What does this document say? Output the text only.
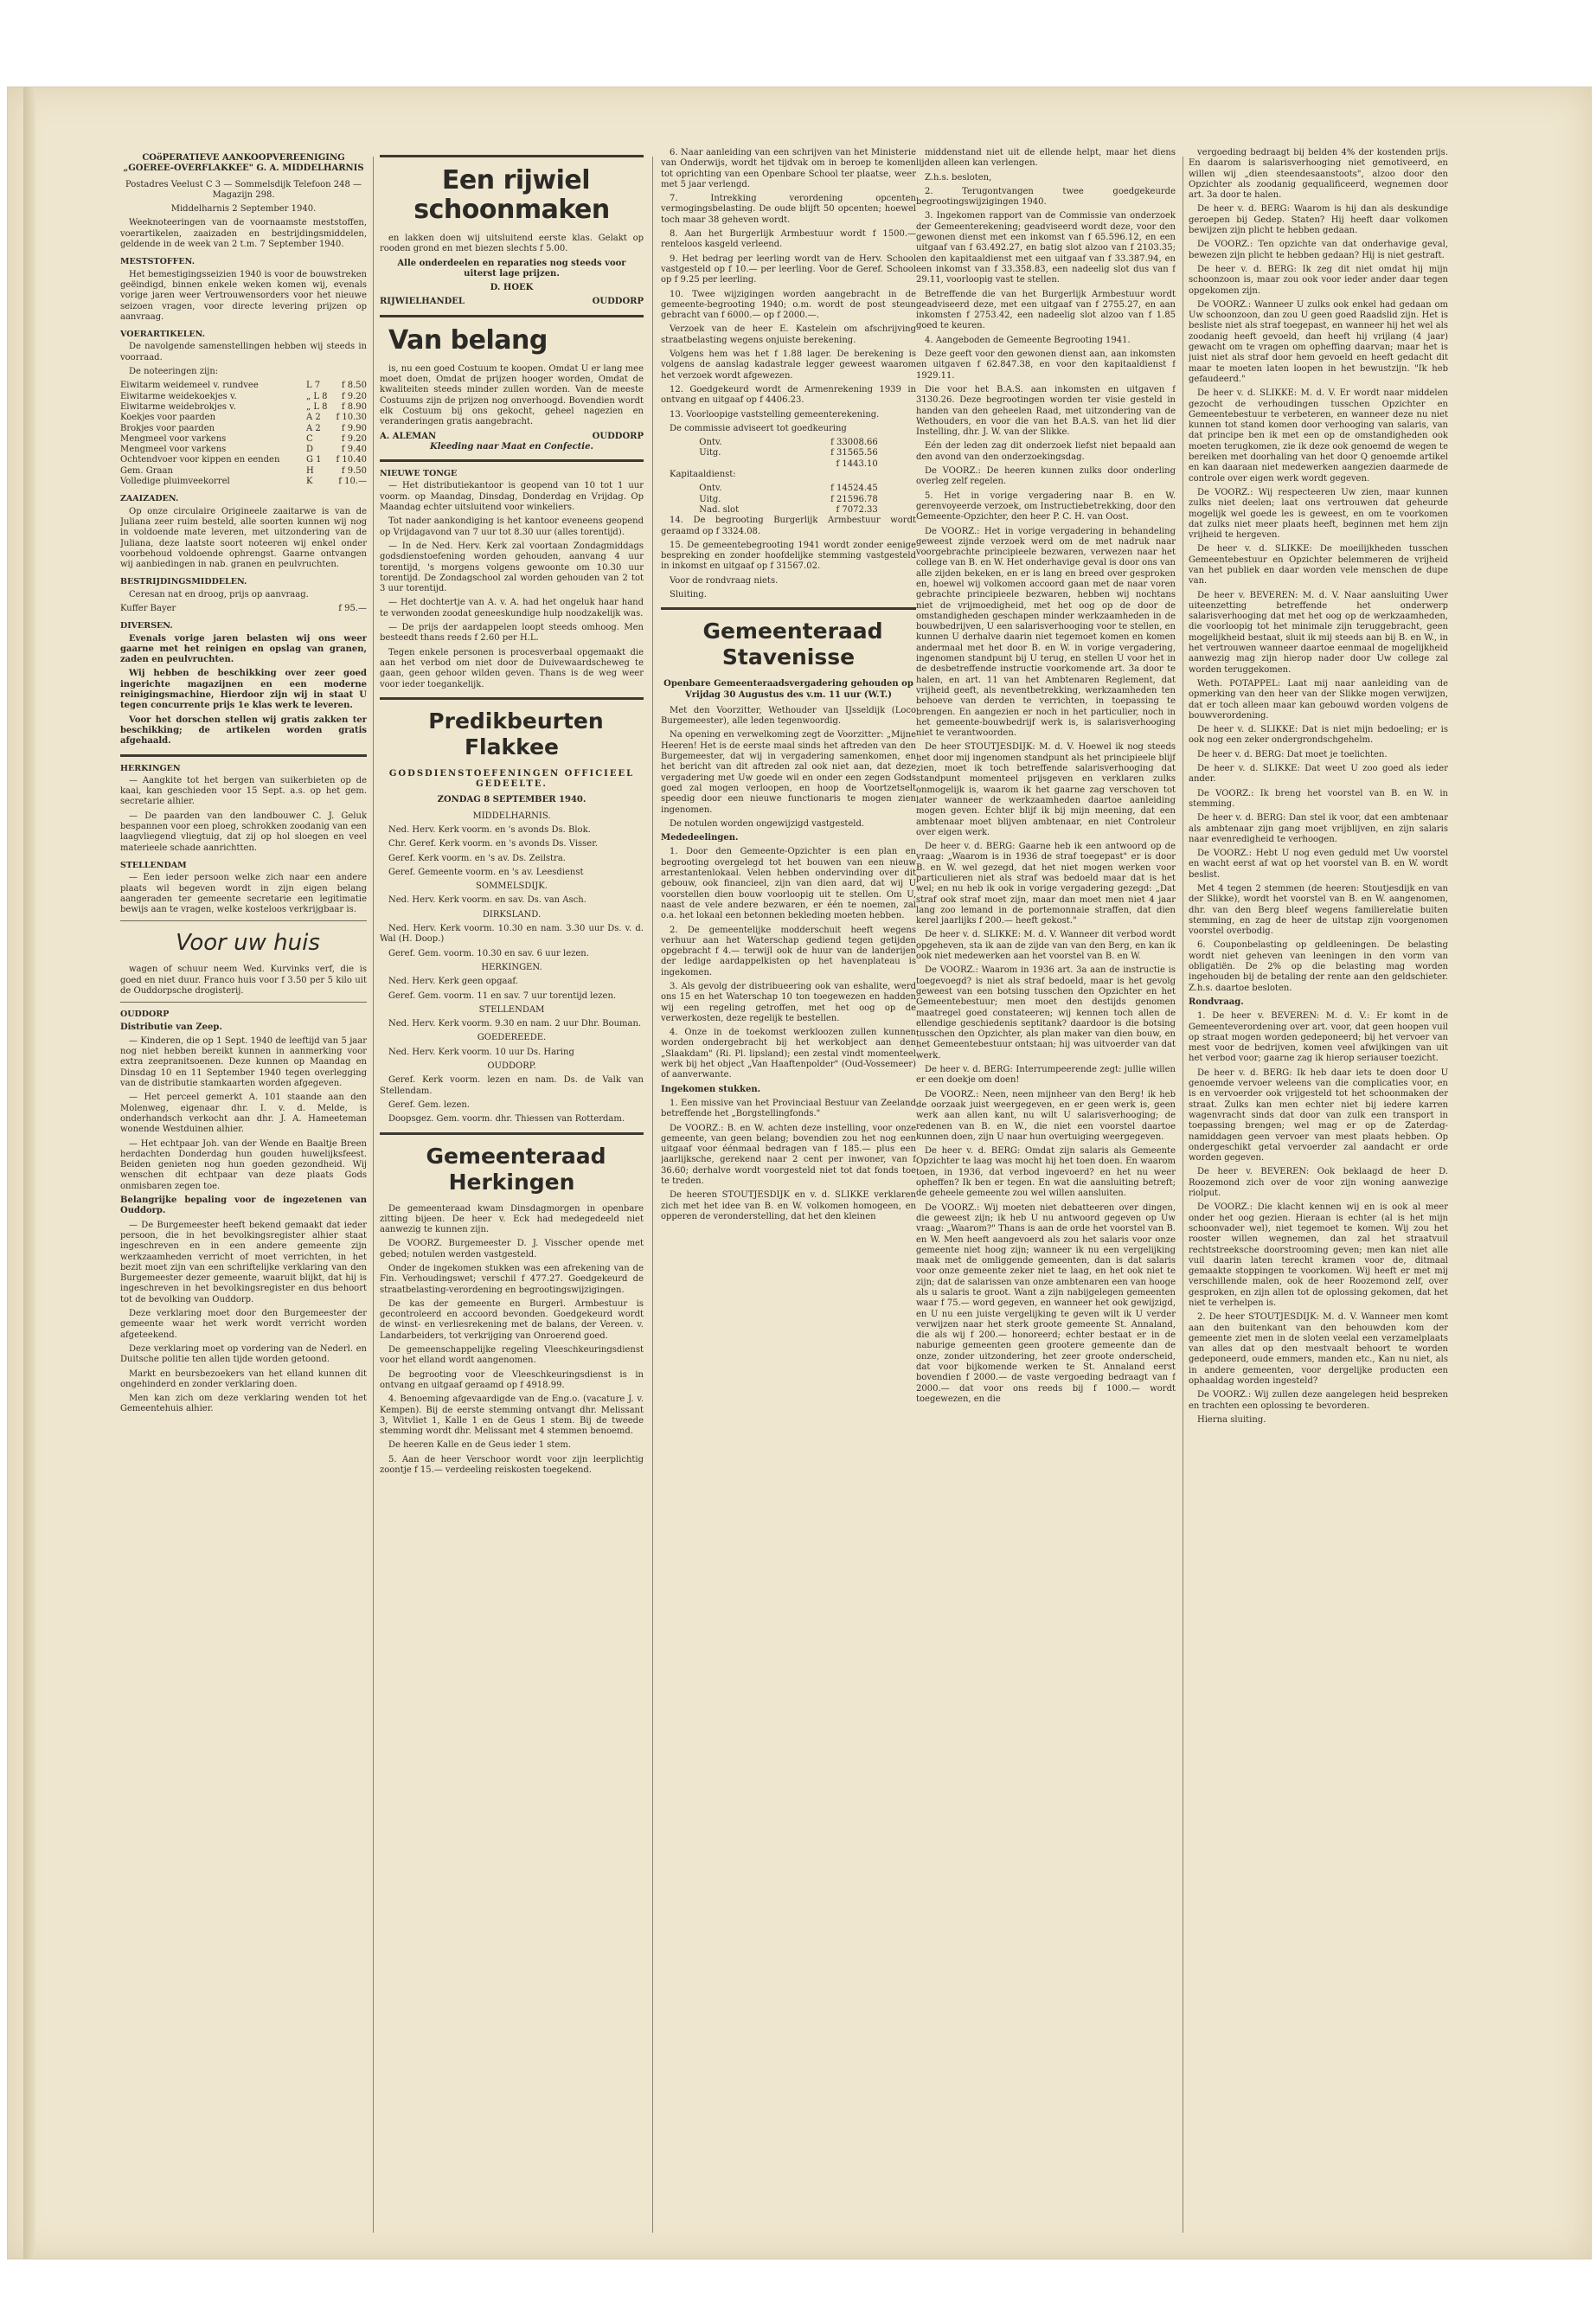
COöPERATIEVE AANKOOPVEREENIGING „GOEREE-OVERFLAKKEE" G. A. MIDDELHARNIS

Postadres Veelust C 3 — Sommelsdijk Telefoon 248 — Magazijn 298.

Middelharnis 2 September 1940.

Weeknoteeringen van de voornaamste meststoffen, voerartikelen, zaaizaden en bestrijdingsmiddelen, geldende in de week van 2 t.m. 7 September 1940.

MESTSTOFFEN.

Het bemestigingsseizien 1940 is voor de bouwstreken geëindigd, binnen enkele weken komen wij, evenals vorige jaren weer Vertrouwensorders voor het nieuwe seizoen vragen, voor directe levering prijzen op aanvraag.

VOERARTIKELEN.

De navolgende samenstellingen hebben wij steeds in voorraad.

De noteeringen zijn:

Eiwitarm weidemeel v. rundvee	L 7	f 8.50
Eiwitarme weidekoekjes v.	„ L 8	f 9.20
Eiwitarme weidebrokjes v.	„ L 8	f 8.90
Koekjes voor paarden	A 2	f 10.30
Brokjes voor paarden	A 2	f 9.90
Mengmeel voor varkens	C	f 9.20
Mengmeel voor varkens	D	f 9.40
Ochtendvoer voor kippen en eenden	G 1	f 10.40
Gem. Graan	H	f 9.50
Volledige pluimveekorrel	K	f 10.—

ZAAIZADEN.

Op onze circulaire Origineele zaaitarwe is van de Juliana zeer ruim besteld, alle soorten kunnen wij nog in voldoende mate leveren, met uitzondering van de Juliana, deze laatste soort noteeren wij enkel onder voorbehoud voldoende ophrengst. Gaarne ontvangen wij aanbiedingen in nab. granen en peulvruchten.

BESTRIJDINGSMIDDELEN.

Ceresan nat en droog, prijs op aanvraag.

Kuffer Bayer	f 95.—

DIVERSEN.

Evenals vorige jaren belasten wij ons weer gaarne met het reinigen en opslag van granen, zaden en peulvruchten.

Wij hebben de beschikking over zeer goed ingerichte magazijnen en een moderne reinigingsmachine, Hierdoor zijn wij in staat U tegen concurrente prijs 1e klas werk te leveren.

Voor het dorschen stellen wij gratis zakken ter beschikking; de artikelen worden gratis afgehaald.

HERKINGEN

— Aangkite tot het bergen van suikerbieten op de kaai, kan geschieden voor 15 Sept. a.s. op het gem. secretarie alhier.

— De paarden van den landbouwer C. J. Geluk bespannen voor een ploeg, schrokken zoodanig van een laagvliegend vliegtuig, dat zij op hol sloegen en veel materieele schade aanrichtten.

STELLENDAM

— Een ieder persoon welke zich naar een andere plaats wil begeven wordt in zijn eigen belang aangeraden ter gemeente secretarie een legitimatie bewijs aan te vragen, welke kosteloos verkrijgbaar is.

Voor uw huis

wagen of schuur neem Wed. Kurvinks verf, die is goed en niet duur. Franco huis voor f 3.50 per 5 kilo uit de Ouddorpsche drogisterij.

OUDDORP

Distributie van Zeep.

— Kinderen, die op 1 Sept. 1940 de leeftijd van 5 jaar nog niet hebben bereikt kunnen in aanmerking voor extra zeepranitsoenen. Deze kunnen op Maandag en Dinsdag 10 en 11 September 1940 tegen overlegging van de distributie stamkaarten worden afgegeven.

— Het perceel gemerkt A. 101 staande aan den Molenweg, eigenaar dhr. I. v. d. Melde, is onderhandsch verkocht aan dhr. J. A. Hameeteman wonende Westduinen alhier.

— Het echtpaar Joh. van der Wende en Baaltje Breen herdachten Donderdag hun gouden huwelijksfeest. Beiden genieten nog hun goeden gezondheid. Wij wenschen dit echtpaar van deze plaats Gods onmisbaren zegen toe.

Belangrijke bepaling voor de ingezetenen van Ouddorp.

— De Burgemeester heeft bekend gemaakt dat ieder persoon, die in het bevolkingsregister alhier staat ingeschreven en in een andere gemeente zijn werkzaamheden verricht of moet verrichten, in het bezit moet zijn van een schriftelijke verklaring van den Burgemeester dezer gemeente, waaruit blijkt, dat hij is ingeschreven in het bevolkingsregister en dus behoort tot de bevolking van Ouddorp.

Deze verklaring moet door den Burgemeester der gemeente waar het werk wordt verricht worden afgeteekend.

Deze verklaring moet op vordering van de Nederl. en Duitsche politie ten allen tijde worden getoond.

Markt en beursbezoekers van het elland kunnen dit ongehinderd en zonder verklaring doen.

Men kan zich om deze verklaring wenden tot het Gemeentehuis alhier.

Een rijwiel schoonmaken

en lakken doen wij uitsluitend eerste klas. Gelakt op rooden grond en met biezen slechts f 5.00.

Alle onderdeelen en reparaties nog steeds voor uiterst lage prijzen.

D. HOEK

RIJWIELHANDEL	OUDDORP

Van belang

is, nu een goed Costuum te koopen. Omdat U er lang mee moet doen, Omdat de prijzen hooger worden, Omdat de kwaliteiten steeds minder zullen worden. Van de meeste Costuums zijn de prijzen nog onverhoogd. Bovendien wordt elk Costuum bij ons gekocht, geheel nagezien en veranderingen gratis aangebracht.

A. ALEMAN	OUDDORP

Kleeding naar Maat en Confectie.

NIEUWE TONGE

— Het distributiekantoor is geopend van 10 tot 1 uur voorm. op Maandag, Dinsdag, Donderdag en Vrijdag. Op Maandag echter uitsluitend voor winkeliers.

Tot nader aankondiging is het kantoor eveneens geopend op Vrijdagavond van 7 uur tot 8.30 uur (alles torentijd).

— In de Ned. Herv. Kerk zal voortaan Zondagmiddags godsdienstoefening worden gehouden, aanvang 4 uur torentijd, 's morgens volgens gewoonte om 10.30 uur torentijd. De Zondagschool zal worden gehouden van 2 tot 3 uur torentijd.

— Het dochtertje van A. v. A. had het ongeluk haar hand te verwonden zoodat geneeskundige hulp noodzakelijk was.

— De prijs der aardappelen loopt steeds omhoog. Men besteedt thans reeds f 2.60 per H.L.

Tegen enkele personen is procesverbaal opgemaakt die aan het verbod om niet door de Duivewaardscheweg te gaan, geen gehoor wilden geven. Thans is de weg weer voor ieder toegankelijk.

Predikbeurten Flakkee

GODSDIENSTOEFENINGEN OFFICIEEL GEDEELTE.

ZONDAG 8 SEPTEMBER 1940.

MIDDELHARNIS.

Ned. Herv. Kerk voorm. en 's avonds Ds. Blok.

Chr. Geref. Kerk voorm. en 's avonds Ds. Visser.

Geref. Kerk voorm. en 's av. Ds. Zeilstra.

Geref. Gemeente voorm. en 's av. Leesdienst

SOMMELSDIJK.

Ned. Herv. Kerk voorm. en sav. Ds. van Asch.

DIRKSLAND.

Ned. Herv. Kerk voorm. 10.30 en nam. 3.30 uur Ds. v. d. Wal (H. Doop.)

Geref. Gem. voorm. 10.30 en sav. 6 uur lezen.

HERKINGEN.

Ned. Herv. Kerk geen opgaaf.

Geref. Gem. voorm. 11 en sav. 7 uur torentijd lezen.

STELLENDAM

Ned. Herv. Kerk voorm. 9.30 en nam. 2 uur Dhr. Bouman.

GOEDEREEDE.

Ned. Herv. Kerk voorm. 10 uur Ds. Haring

OUDDORP.

Geref. Kerk voorm. lezen en nam. Ds. de Valk van Stellendam.

Geref. Gem. lezen.

Doopsgez. Gem. voorm. dhr. Thiessen van Rotterdam.

Gemeenteraad Herkingen

De gemeenteraad kwam Dinsdagmorgen in openbare zitting bijeen. De heer v. Eck had medegedeeld niet aanwezig te kunnen zijn.

De VOORZ. Burgemeester D. J. Visscher opende met gebed; notulen werden vastgesteld.

Onder de ingekomen stukken was een afrekening van de Fin. Verhoudingswet; verschil f 477.27. Goedgekeurd de straatbelasting-verordening en begrootingswijzigingen.

De kas der gemeente en Burgerl. Armbestuur is gecontroleerd en accoord bevonden. Goedgekeurd wordt de winst- en verliesrekening met de balans, der Vereen. v. Landarbeiders, tot verkrijging van Onroerend goed.

De gemeenschappelijke regeling Vleeschkeuringsdienst voor het elland wordt aangenomen.

De begrooting voor de Vleeschkeuringsdienst is in ontvang en uitgaaf geraamd op f 4918.99.

4. Benoeming afgevaardigde van de Eng.o. (vacature J. v. Kempen). Bij de eerste stemming ontvangt dhr. Melissant 3, Witvliet 1, Kalle 1 en de Geus 1 stem. Bij de tweede stemming wordt dhr. Melissant met 4 stemmen benoemd.

De heeren Kalle en de Geus ieder 1 stem.

5. Aan de heer Verschoor wordt voor zijn leerplichtig zoontje f 15.— verdeeling reiskosten toegekend.

6. Naar aanleiding van een schrijven van het Ministerie van Onderwijs, wordt het tijdvak om in beroep te komen tot oprichting van een Openbare School ter plaatse, weer met 5 jaar verlengd.

7. Intrekking verordening opcenten vermogingsbelasting. De oude blijft 50 opcenten; hoewel toch maar 38 geheven wordt.

8. Aan het Burgerlijk Armbestuur wordt f 1500.— renteloos kasgeld verleend.

9. Het bedrag per leerling wordt van de Herv. School vastgesteld op f 10.— per leerling. Voor de Geref. School op f 9.25 per leerling.

10. Twee wijzigingen worden aangebracht in de gemeente-begrooting 1940; o.m. wordt de post steun gebracht van f 6000.— op f 2000.—.

Verzoek van de heer E. Kastelein om afschrijving straatbelasting wegens onjuiste berekening.

Volgens hem was het f 1.88 lager. De berekening is volgens de aanslag kadastrale legger geweest waarom het verzoek wordt afgewezen.

12. Goedgekeurd wordt de Armenrekening 1939 in ontvang en uitgaaf op f 4406.23.

13. Voorloopige vaststelling gemeenterekening.

De commissie adviseert tot goedkeuring

Ontv.	f 33008.66
Uitg.	f 31565.56
	f 1443.10

Kapitaaldienst:

Ontv.	f 14524.45
Uitg.	f 21596.78
Nad. slot	f 7072.33

14. De begrooting Burgerlijk Armbestuur wordt geraamd op f 3324.08.

15. De gemeentebegrooting 1941 wordt zonder eenige bespreking en zonder hoofdelijke stemming vastgesteld in inkomst en uitgaaf op f 31567.02.

Voor de rondvraag niets.

Sluiting.

Gemeenteraad Stavenisse

Openbare Gemeenteraadsvergadering gehouden op Vrijdag 30 Augustus des v.m. 11 uur (W.T.)

Met den Voorzitter, Wethouder van IJsseldijk (Loco Burgemeester), alle leden tegenwoordig.

Na opening en verwelkoming zegt de Voorzitter: „Mijne Heeren! Het is de eerste maal sinds het aftreden van den Burgemeester, dat wij in vergadering samenkomen, en het bericht van dit aftreden zal ook niet aan, dat deze vergadering met Uw goede wil en onder een zegen Gods goed zal mogen verloopen, en hoop de Voortzetselt speedig door een nieuwe functionaris te mogen zien ingenomen.

De notulen worden ongewijzigd vastgesteld.

Mededeelingen.

1. Door den Gemeente-Opzichter is een plan en begrooting overgelegd tot het bouwen van een nieuw arrestantenlokaal. Velen hebben ondervinding over dit gebouw, ook financieel, zijn van dien aard, dat wij U voorstellen dien bouw voorloopig uit te stellen. Om U, naast de vele andere bezwaren, er één te noemen, zal o.a. het lokaal een betonnen bekleding moeten hebben.

2. De gemeentelijke modderschuit heeft wegens verhuur aan het Waterschap gediend tegen getijden opgebracht f 4.— terwijl ook de huur van de landerijen der ledige aardappelkisten op het havenplateau is ingekomen.

3. Als gevolg der distribueering ook van eshalite, werd ons 15 en het Waterschap 10 ton toegewezen en hadden wij een regeling getroffen, met het oog op de verwerkosten, deze regelijk te bestellen.

4. Onze in de toekomst werkloozen zullen kunnen worden ondergebracht bij het werkobject aan den „Slaakdam" (Ri. Pl. lipsland); een zestal vindt momenteel werk bij het object „Van Haaftenpolder" (Oud-Vossemeer) of aanverwante.

Ingekomen stukken.

1. Een missive van het Provinciaal Bestuur van Zeeland betreffende het „Borgstellingfonds."

De VOORZ.: B. en W. achten deze instelling, voor onze gemeente, van geen belang; bovendien zou het nog een uitgaaf voor éénmaal bedragen van f 185.— plus een jaarlijksche, gerekend naar 2 cent per inwoner, van f 36.60; derhalve wordt voorgesteld niet tot dat fonds toe te treden.

De heeren STOUTJESDIJK en v. d. SLIKKE verklaren zich met het idee van B. en W. volkomen homogeen, en opperen de veronderstelling, dat het den kleinen

middenstand niet uit de ellende helpt, maar het diens lijden alleen kan verlengen.

Z.h.s. besloten,

2. Terugontvangen twee goedgekeurde begrootingswijzigingen 1940.

3. Ingekomen rapport van de Commissie van onderzoek der Gemeenterekening; geadviseerd wordt deze, voor den gewonen dienst met een inkomst van f 65.596.12, en een uitgaaf van f 63.492.27, en batig slot alzoo van f 2103.35; en den kapitaaldienst met een uitgaaf van f 33.387.94, en een inkomst van f 33.358.83, een nadeelig slot dus van f 29.11, voorloopig vast te stellen.

Betreffende die van het Burgerlijk Armbestuur wordt geadviseerd deze, met een uitgaaf van f 2755.27, en aan inkomsten f 2753.42, een nadeelig slot alzoo van f 1.85 goed te keuren.

4. Aangeboden de Gemeente Begrooting 1941.

Deze geeft voor den gewonen dienst aan, aan inkomsten en uitgaven f 62.847.38, en voor den kapitaaldienst f 1929.11.

Die voor het B.A.S. aan inkomsten en uitgaven f 3130.26. Deze begrootingen worden ter visie gesteld in handen van den geheelen Raad, met uitzondering van de Wethouders, en voor die van het B.A.S. van het lid dier Instelling, dhr. J. W. van der Slikke.

Eén der leden zag dit onderzoek liefst niet bepaald aan den avond van den onderzoekingsdag.

De VOORZ.: De heeren kunnen zulks door onderling overleg zelf regelen.

5. Het in vorige vergadering naar B. en W. gerenvoyeerde verzoek, om Instructiebetrekking, door den Gemeente-Opzichter, den heer P. C. H. van Oost.

De VOORZ.: Het in vorige vergadering in behandeling geweest zijnde verzoek werd om de met nadruk naar voorgebrachte principieele bezwaren, verwezen naar het college van B. en W. Het onderhavige geval is door ons van alle zijden bekeken, en er is lang en breed over gesproken en, hoewel wij volkomen accoord gaan met de naar voren gebrachte principieele bezwaren, hebben wij nochtans niet de vrijmoedigheid, met het oog op de door de omstandigheden geschapen minder werkzaamheden in de bouwbedrijven, U een salarisverhooging voor te stellen, en kunnen U derhalve daarin niet tegemoet komen en komen andermaal met het door B. en W. in vorige vergadering, ingenomen standpunt bij U terug, en stellen U voor het in de desbetreffende instructie voorkomende art. 3a door te halen, en art. 11 van het Ambtenaren Reglement, dat vrijheid geeft, als neventbetrekking, werkzaamheden ten behoeve van derden te verrichten, in toepassing te brengen. En aangezien er noch in het particulier, noch in het gemeente-bouwbedrijf werk is, is salarisverhooging niet te verantwoorden.

De heer STOUTJESDIJK: M. d. V. Hoewel ik nog steeds het door mij ingenomen standpunt als het principieele blijf zien, moet ik toch betreffende salarisverhooging dat standpunt momenteel prijsgeven en verklaren zulks onmogelijk is, waarom ik het gaarne zag verschoven tot later wanneer de werkzaamheden daartoe aanleiding mogen geven. Echter blijf ik bij mijn meening, dat een ambtenaar moet blijven ambtenaar, en niet Controleur over eigen werk.

De heer v. d. BERG: Gaarne heb ik een antwoord op de vraag: „Waarom is in 1936 de straf toegepast" er is door B. en W. wel gezegd, dat het niet mogen werken voor particulieren niet als straf was bedoeld maar dat is het wel; en nu heb ik ook in vorige vergadering gezegd: „Dat straf ook straf moet zijn, maar dan moet men niet 4 jaar lang zoo lemand in de portemonnaie straffen, dat dien kerel jaarlijks f 200.— heeft gekost."

De heer v. d. SLIKKE: M. d. V. Wanneer dit verbod wordt opgeheven, sta ik aan de zijde van van den Berg, en kan ik ook niet medewerken aan het voorstel van B. en W.

De VOORZ.: Waarom in 1936 art. 3a aan de instructie is toegevoegd? is niet als straf bedoeld, maar is het gevolg geweest van een botsing tusschen den Opzichter en het Gemeentebestuur; men moet den destijds genomen maatregel goed constateeren; wij kennen toch allen de ellendige geschiedenis septitank? daardoor is die botsing tusschen den Opzichter, als plan maker van dien bouw, en het Gemeentebestuur ontstaan; hij was uitvoerder van dat werk.

De heer v. d. BERG: Interrumpeerende zegt: jullie willen er een doekje om doen!

De VOORZ.: Neen, neen mijnheer van den Berg! ik heb de oorzaak juist weergegeven, en er geen werk is, geen werk aan allen kant, nu wilt U salarisverhooging; de redenen van B. en W., die niet een voorstel daartoe kunnen doen, zijn U naar hun overtuiging weergegeven.

De heer v. d. BERG: Omdat zijn salaris als Gemeente Opzichter te laag was mocht hij het toen doen. En waarom toen, in 1936, dat verbod ingevoerd? en het nu weer opheffen? Ik ben er tegen. En wat die aansluiting betreft; de geheele gemeente zou wel willen aansluiten.

De VOORZ.: Wij moeten niet debatteeren over dingen, die geweest zijn; ik heb U nu antwoord gegeven op Uw vraag: „Waarom?" Thans is aan de orde het voorstel van B. en W. Men heeft aangevoerd als zou het salaris voor onze gemeente niet hoog zijn; wanneer ik nu een vergelijking maak met de omliggende gemeenten, dan is dat salaris voor onze gemeente zeker niet te laag, en het ook niet te zijn; dat de salarissen van onze ambtenaren een van hooge als u salaris te groot. Want a zijn nabijgelegen gemeenten waar f 75.— word gegeven, en wanneer het ook gewijzigd, en U nu een juiste vergelijking te geven wilt ik U verder verwijzen naar het sterk groote gemeente St. Annaland, die als wij f 200.— honoreerd; echter bestaat er in de naburige gemeenten geen grootere gemeente dan de onze, zonder uitzondering, het zeer groote onderscheid, dat voor bijkomende werken te St. Annaland eerst bovendien f 2000.— de vaste vergoeding bedraagt van f 2000.— dat voor ons reeds bij f 1000.— wordt toegewezen, en die

vergoeding bedraagt bij belden 4% der kostenden prijs. En daarom is salarisverhooging niet gemotiveerd, en willen wij „dien steendesaanstoots", alzoo door den Opzichter als zoodanig gequalificeerd, wegnemen door art. 3a door te halen.

De heer v. d. BERG: Waarom is hij dan als deskundige geroepen bij Gedep. Staten? Hij heeft daar volkomen bewijzen zijn plicht te hebben gedaan.

De VOORZ.: Ten opzichte van dat onderhavige geval, bewezen zijn plicht te hebben gedaan? Hij is niet gestraft.

De heer v. d. BERG: Ik zeg dit niet omdat hij mijn schoonzoon is, maar zou ook voor ieder ander daar tegen opgekomen zijn.

De VOORZ.: Wanneer U zulks ook enkel had gedaan om Uw schoonzoon, dan zou U geen goed Raadslid zijn. Het is besliste niet als straf toegepast, en wanneer hij het wel als zoodanig heeft gevoeld, dan heeft hij vrijlang (4 jaar) gewacht om te vragen om opheffing daarvan; maar het is juist niet als straf door hem gevoeld en heeft gedacht dit maar te moeten laten loopen in het bewustzijn. "Ik heb gefaudeerd."

De heer v. d. SLIKKE: M. d. V. Er wordt naar middelen gezocht de verhoudingen tusschen Opzichter en Gemeentebestuur te verbeteren, en wanneer deze nu niet kunnen tot stand komen door verhooging van salaris, van dat principe ben ik met een op de omstandigheden ook moeten terugkomen, zie ik deze ook genoemd de wegen te bereiken met doorhaling van het door Q genoemde artikel en kan daaraan niet medewerken aangezien daarmede de controle over eigen werk wordt gegeven.

De VOORZ.: Wij respecteeren Uw zien, maar kunnen zulks niet deelen; laat ons vertrouwen dat geheurde mogelijk wel goede les is geweest, en om te voorkomen dat zulks niet meer plaats heeft, beginnen met hem zijn vrijheid te hergeven.

De heer v. d. SLIKKE: De moeilijkheden tusschen Gemeentebestuur en Opzichter belemmeren de vrijheid van het publiek en daar worden vele menschen de dupe van.

De heer v. BEVEREN: M. d. V. Naar aansluiting Uwer uiteenzetting betreffende het onderwerp salarisverhooging dat met het oog op de werkzaamheden, die voorloopig tot het minimale zijn teruggebracht, geen mogelijkheid bestaat, sluit ik mij steeds aan bij B. en W., in het vertrouwen wanneer daartoe eenmaal de mogelijkheid aanwezig mag zijn hierop nader door Uw college zal worden teruggekomen.

Weth. POTAPPEL: Laat mij naar aanleiding van de opmerking van den heer van der Slikke mogen verwijzen, dat er toch alleen maar kan gebouwd worden volgens de bouwverordening.

De heer v. d. SLIKKE: Dat is niet mijn bedoeling; er is ook nog een zeker ondergrondschgehelm.

De heer v. d. BERG: Dat moet je toelichten.

De heer v. d. SLIKKE: Dat weet U zoo goed als ieder ander.

De VOORZ.: Ik breng het voorstel van B. en W. in stemming.

De heer v. d. BERG: Dan stel ik voor, dat een ambtenaar als ambtenaar zijn gang moet vrijblijven, en zijn salaris naar evenredigheid te verhoogen.

De VOORZ.: Hebt U nog even geduld met Uw voorstel en wacht eerst af wat op het voorstel van B. en W. wordt beslist.

Met 4 tegen 2 stemmen (de heeren: Stoutjesdijk en van der Slikke), wordt het voorstel van B. en W. aangenomen, dhr. van den Berg bleef wegens familierelatie buiten stemming, en zag de heer de uitstap zijn voorgenomen voorstel overbodig.

6. Couponbelasting op geldleeningen. De belasting wordt niet geheven van leeningen in den vorm van obligatiën. De 2% op die belasting mag worden ingehouden bij de betaling der rente aan den geldschieter. Z.h.s. daartoe besloten.

Rondvraag.

1. De heer v. BEVEREN: M. d. V.: Er komt in de Gemeenteverordening over art. voor, dat geen hoopen vuil op straat mogen worden gedeponeerd; bij het vervoer van mest voor de bedrijven, komen veel afwijkingen van uit het verbod voor; gaarne zag ik hierop seriauser toezicht.

De heer v. d. BERG: Ik heb daar iets te doen door U genoemde vervoer weleens van die complicaties voor, en is en vervoerder ook vrijgesteld tot het schoonmaken der straat. Zulks kan men echter niet bij iedere karren wagenvracht sinds dat door van zulk een transport in toepassing brengen; wel mag er op de Zaterdag-namiddagen geen vervoer van mest plaats hebben. Op ondergeschikt getal vervoerder zal aandacht er orde worden gegeven.

De heer v. BEVEREN: Ook beklaagd de heer D. Roozemond zich over de voor zijn woning aanwezige riolput.

De VOORZ.: Die klacht kennen wij en is ook al meer onder het oog gezien. Hieraan is echter (al is het mijn schoonvader wel), niet tegemoet te komen. Wij zou het rooster willen wegnemen, dan zal het straatvuil rechtstreeksche doorstrooming geven; men kan niet alle vuil daarin laten terecht kramen voor de, ditmaal gemaakte stoppingen te voorkomen. Wij heeft er met mij verschillende malen, ook de heer Roozemond zelf, over gesproken, en zijn allen tot de oplossing gekomen, dat het niet te verhelpen is.

2. De heer STOUTJESDIJK: M. d. V. Wanneer men komt aan den buitenkant van den behouwden kom der gemeente ziet men in de sloten veelal een verzamelplaats van alles dat op den mestvaalt behoort te worden gedeponeerd, oude emmers, manden etc., Kan nu niet, als in andere gemeenten, voor dergelijke producten een ophaaldag worden ingesteld?

De VOORZ.: Wij zullen deze aangelegen heid bespreken en trachten een oplossing te bevorderen.

Hierna sluiting.
